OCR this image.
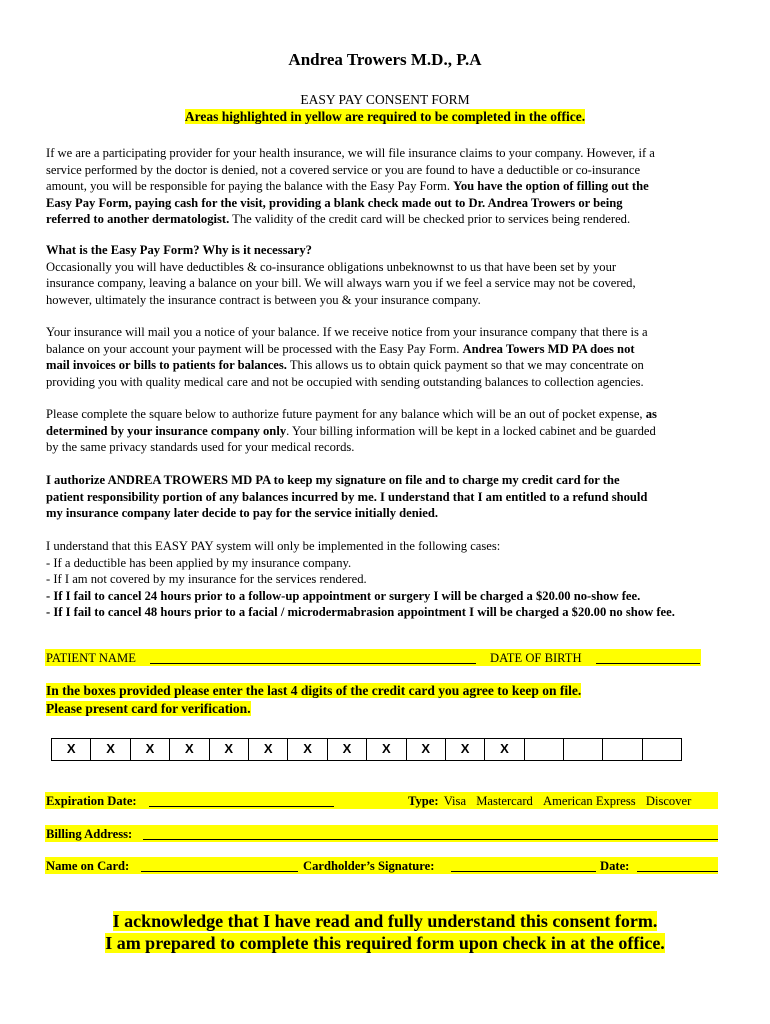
Andrea Trowers M.D., P.A
EASY PAY CONSENT FORM
Areas highlighted in yellow are required to be completed in the office.
If we are a participating provider for your health insurance, we will file insurance claims to your company. However, if a
service performed by the doctor is denied, not a covered service or you are found to have a deductible or co-insurance
amount, you will be responsible for paying the balance with the Easy Pay Form. You have the option of filling out the
Easy Pay Form, paying cash for the visit, providing a blank check made out to Dr. Andrea Trowers or being
referred to another dermatologist. The validity of the credit card will be checked prior to services being rendered.
What is the Easy Pay Form? Why is it necessary?
Occasionally you will have deductibles & co-insurance obligations unbeknownst to us that have been set by your
insurance company, leaving a balance on your bill. We will always warn you if we feel a service may not be covered,
however, ultimately the insurance contract is between you & your insurance company.
Your insurance will mail you a notice of your balance. If we receive notice from your insurance company that there is a
balance on your account your payment will be processed with the Easy Pay Form. Andrea Towers MD PA does not
mail invoices or bills to patients for balances. This allows us to obtain quick payment so that we may concentrate on
providing you with quality medical care and not be occupied with sending outstanding balances to collection agencies.
Please complete the square below to authorize future payment for any balance which will be an out of pocket expense, as
determined by your insurance company only. Your billing information will be kept in a locked cabinet and be guarded
by the same privacy standards used for your medical records.
I authorize ANDREA TROWERS MD PA to keep my signature on file and to charge my credit card for the
patient responsibility portion of any balances incurred by me. I understand that I am entitled to a refund should
my insurance company later decide to pay for the service initially denied.
I understand that this EASY PAY system will only be implemented in the following cases:
- If a deductible has been applied by my insurance company.
- If I am not covered by my insurance for the services rendered.
- If I fail to cancel 24 hours prior to a follow-up appointment or surgery I will be charged a $20.00 no-show fee.
- If I fail to cancel 48 hours prior to a facial / microdermabrasion appointment I will be charged a $20.00 no show fee.
PATIENT NAME	DATE OF BIRTH
In the boxes provided please enter the last 4 digits of the credit card you agree to keep on file.
Please present card for verification.
X	X	X	X	X	X	X	X	X	X	X	X
Expiration Date:	Type: Visa Mastercard American Express Discover
Billing Address:
Name on Card:	Cardholder’s Signature:	Date:
I acknowledge that I have read and fully understand this consent form.
I am prepared to complete this required form upon check in at the office.
